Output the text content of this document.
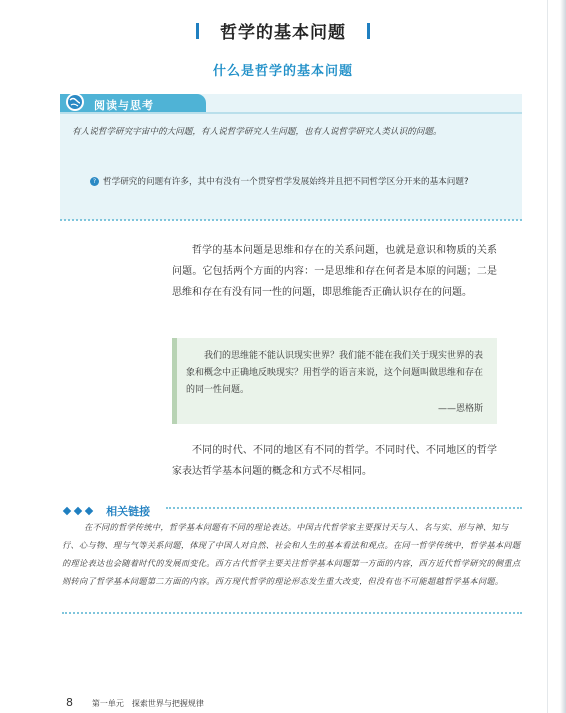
哲学的基本问题
什么是哲学的基本问题
阅读与思考
有人说哲学研究宇宙中的大问题，有人说哲学研究人生问题，也有人说哲学研究人类认识的问题。
? 哲学研究的问题有许多，其中有没有一个贯穿哲学发展始终并且把不同哲学区分开来的基本问题?
哲学的基本问题是思维和存在的关系问题，也就是意识和物质的关系问题。它包括两个方面的内容：一是思维和存在何者是本原的问题；二是思维和存在有没有同一性的问题，即思维能否正确认识存在的问题。
我们的思维能不能认识现实世界？我们能不能在我们关于现实世界的表象和概念中正确地反映现实？用哲学的语言来说，这个问题叫做思维和存在的同一性问题。
——恩格斯
不同的时代、不同的地区有不同的哲学。不同时代、不同地区的哲学家表达哲学基本问题的概念和方式不尽相同。
相关链接
在不同的哲学传统中，哲学基本问题有不同的理论表达。中国古代哲学家主要探讨天与人、名与实、形与神、知与行、心与物、理与气等关系问题，体现了中国人对自然、社会和人生的基本看法和观点。在同一哲学传统中，哲学基本问题的理论表达也会随着时代的发展而变化。西方古代哲学主要关注哲学基本问题第一方面的内容，西方近代哲学研究的侧重点则转向了哲学基本问题第二方面的内容。西方现代哲学的理论形态发生重大改变，但没有也不可能超越哲学基本问题。
8 第一单元　探索世界与把握规律
